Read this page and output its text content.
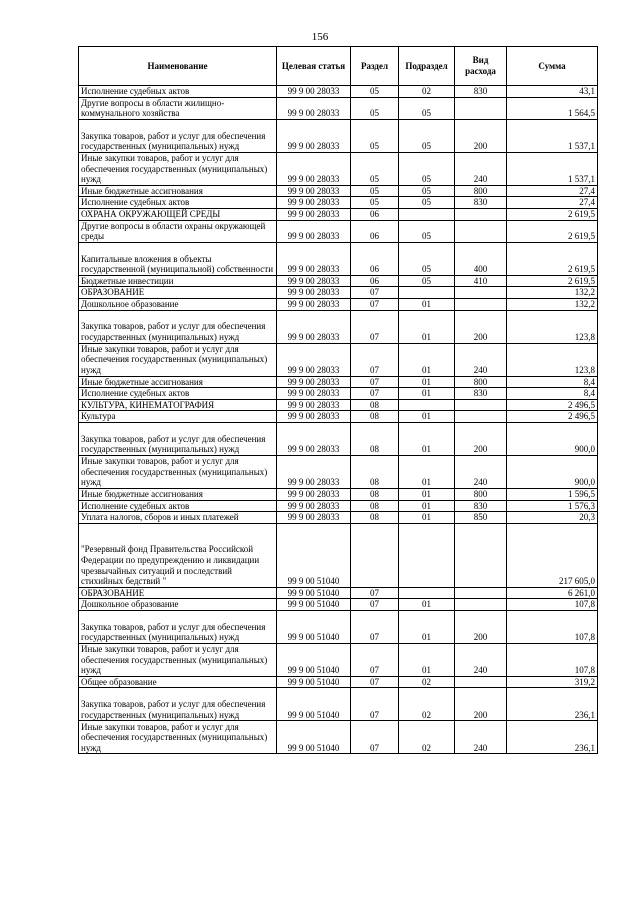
156
Наименование	Целевая статья	Раздел	Подраздел	Вид расхода	Сумма
Исполнение судебных актов	99 9 00 28033	05	02	830	43,1
Другие вопросы в области жилищно-коммунального хозяйства	99 9 00 28033	05	05		1 564,5
Закупка товаров, работ и услуг для обеспечения государственных (муниципальных) нужд	99 9 00 28033	05	05	200	1 537,1
Иные закупки товаров, работ и услуг для обеспечения государственных (муниципальных) нужд	99 9 00 28033	05	05	240	1 537,1
Иные бюджетные ассигнования	99 9 00 28033	05	05	800	27,4
Исполнение судебных актов	99 9 00 28033	05	05	830	27,4
ОХРАНА ОКРУЖАЮЩЕЙ СРЕДЫ	99 9 00 28033	06			2 619,5
Другие вопросы в области охраны окружающей среды	99 9 00 28033	06	05		2 619,5
Капитальные вложения в объекты государственной (муниципальной) собственности	99 9 00 28033	06	05	400	2 619,5
Бюджетные инвестиции	99 9 00 28033	06	05	410	2 619,5
ОБРАЗОВАНИЕ	99 9 00 28033	07			132,2
Дошкольное образование	99 9 00 28033	07	01		132,2
Закупка товаров, работ и услуг для обеспечения государственных (муниципальных) нужд	99 9 00 28033	07	01	200	123,8
Иные закупки товаров, работ и услуг для обеспечения государственных (муниципальных) нужд	99 9 00 28033	07	01	240	123,8
Иные бюджетные ассигнования	99 9 00 28033	07	01	800	8,4
Исполнение судебных актов	99 9 00 28033	07	01	830	8,4
КУЛЬТУРА, КИНЕМАТОГРАФИЯ	99 9 00 28033	08			2 496,5
Культура	99 9 00 28033	08	01		2 496,5
Закупка товаров, работ и услуг для обеспечения государственных (муниципальных) нужд	99 9 00 28033	08	01	200	900,0
Иные закупки товаров, работ и услуг для обеспечения государственных (муниципальных) нужд	99 9 00 28033	08	01	240	900,0
Иные бюджетные ассигнования	99 9 00 28033	08	01	800	1 596,5
Исполнение судебных актов	99 9 00 28033	08	01	830	1 576,3
Уплата налогов, сборов и иных платежей	99 9 00 28033	08	01	850	20,3
"Резервный фонд Правительства Российской Федерации по предупреждению и ликвидации чрезвычайных ситуаций и последствий стихийных бедствий "	99 9 00 51040				217 605,0
ОБРАЗОВАНИЕ	99 9 00 51040	07			6 261,0
Дошкольное образование	99 9 00 51040	07	01		107,8
Закупка товаров, работ и услуг для обеспечения государственных (муниципальных) нужд	99 9 00 51040	07	01	200	107,8
Иные закупки товаров, работ и услуг для обеспечения государственных (муниципальных) нужд	99 9 00 51040	07	01	240	107,8
Общее образование	99 9 00 51040	07	02		319,2
Закупка товаров, работ и услуг для обеспечения государственных (муниципальных) нужд	99 9 00 51040	07	02	200	236,1
Иные закупки товаров, работ и услуг для обеспечения государственных (муниципальных) нужд	99 9 00 51040	07	02	240	236,1
